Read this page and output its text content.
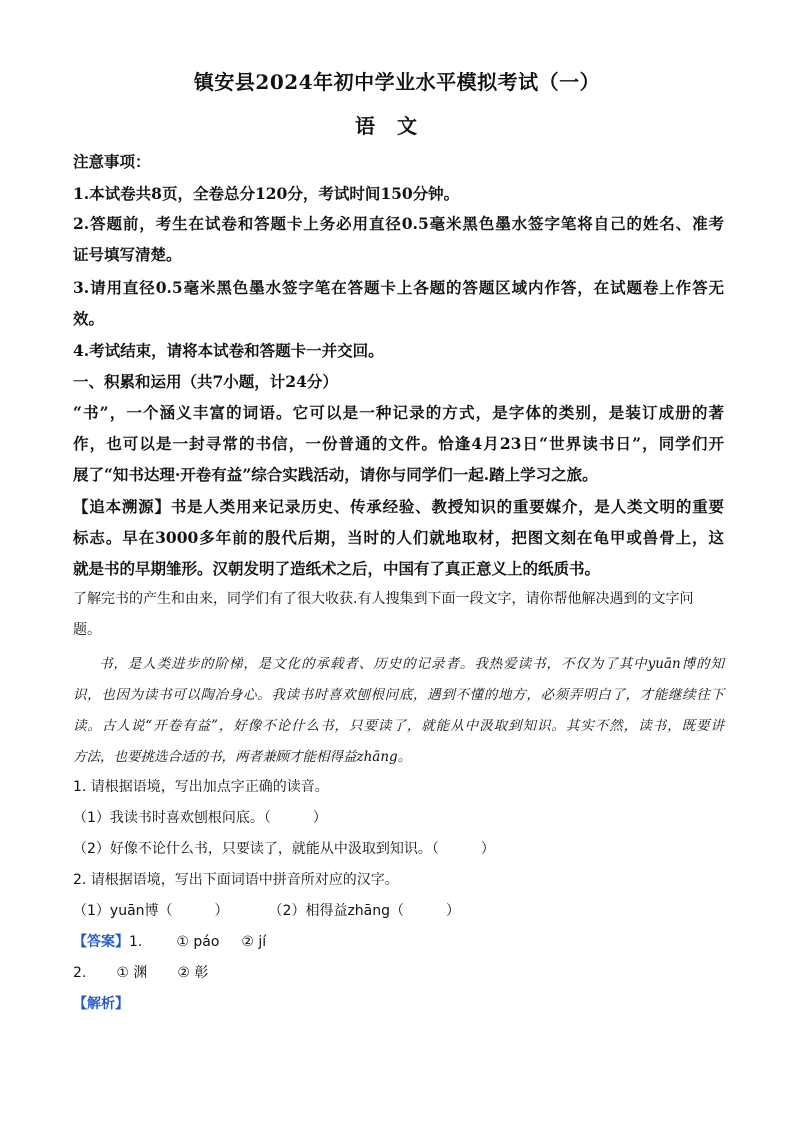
镇安县2024年初中学业水平模拟考试（一）
语文
注意事项：
1.本试卷共8页，全卷总分120分，考试时间150分钟。
2.答题前，考生在试卷和答题卡上务必用直径0.5毫米黑色墨水签字笔将自己的姓名、准考
证号填写清楚。
3.请用直径0.5毫米黑色墨水签字笔在答题卡上各题的答题区域内作答，在试题卷上作答无
效。
4.考试结束，请将本试卷和答题卡一并交回。
一、积累和运用（共7小题，计24分）
“书”，一个涵义丰富的词语。它可以是一种记录的方式，是字体的类别，是装订成册的著
作，也可以是一封寻常的书信，一份普通的文件。恰逢4月23日“世界读书日”，同学们开
展了“知书达理·开卷有益”综合实践活动，请你与同学们一起.踏上学习之旅。
【追本溯源】书是人类用来记录历史、传承经验、教授知识的重要媒介，是人类文明的重要
标志。早在3000多年前的殷代后期，当时的人们就地取材，把图文刻在龟甲或兽骨上，这
就是书的早期雏形。汉朝发明了造纸术之后，中国有了真正意义上的纸质书。
了解完书的产生和由来，同学们有了很大收获.有人搜集到下面一段文字，请你帮他解决遇到的文字问
题。
书，是人类进步的阶梯，是文化的承载者、历史的记录者。我热爱读书，不仅为了其中yuān博的知
识，也因为读书可以陶冶身心。我读书时喜欢刨根问底，遇到不懂的地方，必须弄明白了，才能继续往下
读。古人说“开卷有益”，好像不论什么书，只要读了，就能从中汲取到知识。其实不然，读书，既要讲
方法，也要挑选合适的书，两者兼顾才能相得益zhāng。
1. 请根据语境，写出加点字正确的读音。
（1）我读书时喜欢刨根问底。（　　　）
（2）好像不论什么书，只要读了，就能从中汲取到知识。（　　　）
2. 请根据语境，写出下面词语中拼音所对应的汉字。
（1）yuān博（　　　）	（2）相得益zhāng（　　　）
【答案】1. ① páo ② jí
2. ① 渊 ② 彰
【解析】
